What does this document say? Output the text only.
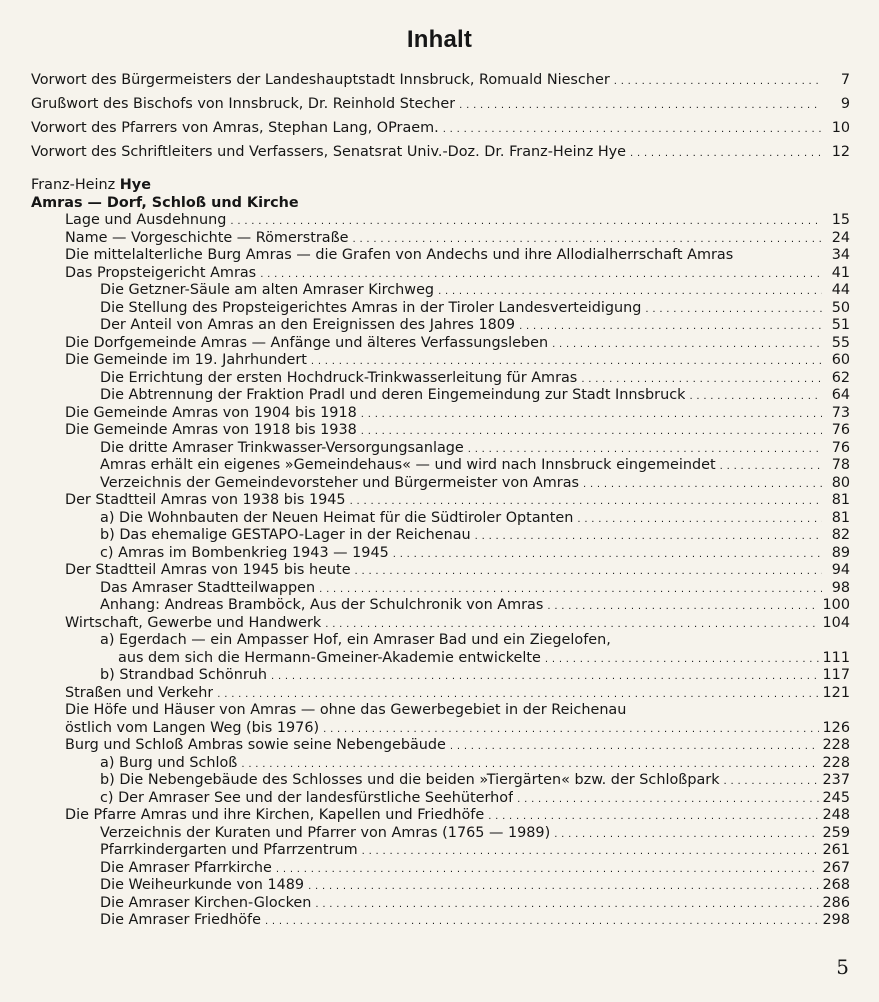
Inhalt
Vorwort des Bürgermeisters der Landeshauptstadt Innsbruck, Romuald Niescher . . .	7
Grußwort des Bischofs von Innsbruck, Dr. Reinhold Stecher . . .	9
Vorwort des Pfarrers von Amras, Stephan Lang, OPraem. . . .	10
Vorwort des Schriftleiters und Verfassers, Senatsrat Univ.-Doz. Dr. Franz-Heinz Hye . . .	12
Franz-Heinz Hye
Amras — Dorf, Schloß und Kirche
Lage und Ausdehnung . . .	15
Name — Vorgeschichte — Römerstraße . . .	24
Die mittelalterliche Burg Amras — die Grafen von Andechs und ihre Allodialherrschaft Amras	34
Das Propsteigericht Amras . . .	41
Die Getzner-Säule am alten Amraser Kirchweg . . .	44
Die Stellung des Propsteigerichtes Amras in der Tiroler Landesverteidigung . . .	50
Der Anteil von Amras an den Ereignissen des Jahres 1809 . . .	51
Die Dorfgemeinde Amras — Anfänge und älteres Verfassungsleben . . .	55
Die Gemeinde im 19. Jahrhundert . . .	60
Die Errichtung der ersten Hochdruck-Trinkwasserleitung für Amras . . .	62
Die Abtrennung der Fraktion Pradl und deren Eingemeindung zur Stadt Innsbruck . . .	64
Die Gemeinde Amras von 1904 bis 1918 . . .	73
Die Gemeinde Amras von 1918 bis 1938 . . .	76
Die dritte Amraser Trinkwasser-Versorgungsanlage . . .	76
Amras erhält ein eigenes »Gemeindehaus« — und wird nach Innsbruck eingemeindet . . .	78
Verzeichnis der Gemeindevorsteher und Bürgermeister von Amras . . .	80
Der Stadtteil Amras von 1938 bis 1945 . . .	81
a) Die Wohnbauten der Neuen Heimat für die Südtiroler Optanten . . .	81
b) Das ehemalige GESTAPO-Lager in der Reichenau . . .	82
c) Amras im Bombenkrieg 1943 — 1945 . . .	89
Der Stadtteil Amras von 1945 bis heute . . .	94
Das Amraser Stadtteilwappen . . .	98
Anhang: Andreas Bramböck, Aus der Schulchronik von Amras . . .	100
Wirtschaft, Gewerbe und Handwerk . . .	104
a) Egerdach — ein Ampasser Hof, ein Amraser Bad und ein Ziegelofen,
aus dem sich die Hermann-Gmeiner-Akademie entwickelte . . .	111
b) Strandbad Schönruh . . .	117
Straßen und Verkehr . . .	121
Die Höfe und Häuser von Amras — ohne das Gewerbegebiet in der Reichenau
östlich vom Langen Weg (bis 1976) . . .	126
Burg und Schloß Ambras sowie seine Nebengebäude . . .	228
a) Burg und Schloß . . .	228
b) Die Nebengebäude des Schlosses und die beiden »Tiergärten« bzw. der Schloßpark . . .	237
c) Der Amraser See und der landesfürstliche Seehüterhof . . .	245
Die Pfarre Amras und ihre Kirchen, Kapellen und Friedhöfe . . .	248
Verzeichnis der Kuraten und Pfarrer von Amras (1765 — 1989) . . .	259
Pfarrkindergarten und Pfarrzentrum . . .	261
Die Amraser Pfarrkirche . . .	267
Die Weiheurkunde von 1489 . . .	268
Die Amraser Kirchen-Glocken . . .	286
Die Amraser Friedhöfe . . .	298
5
